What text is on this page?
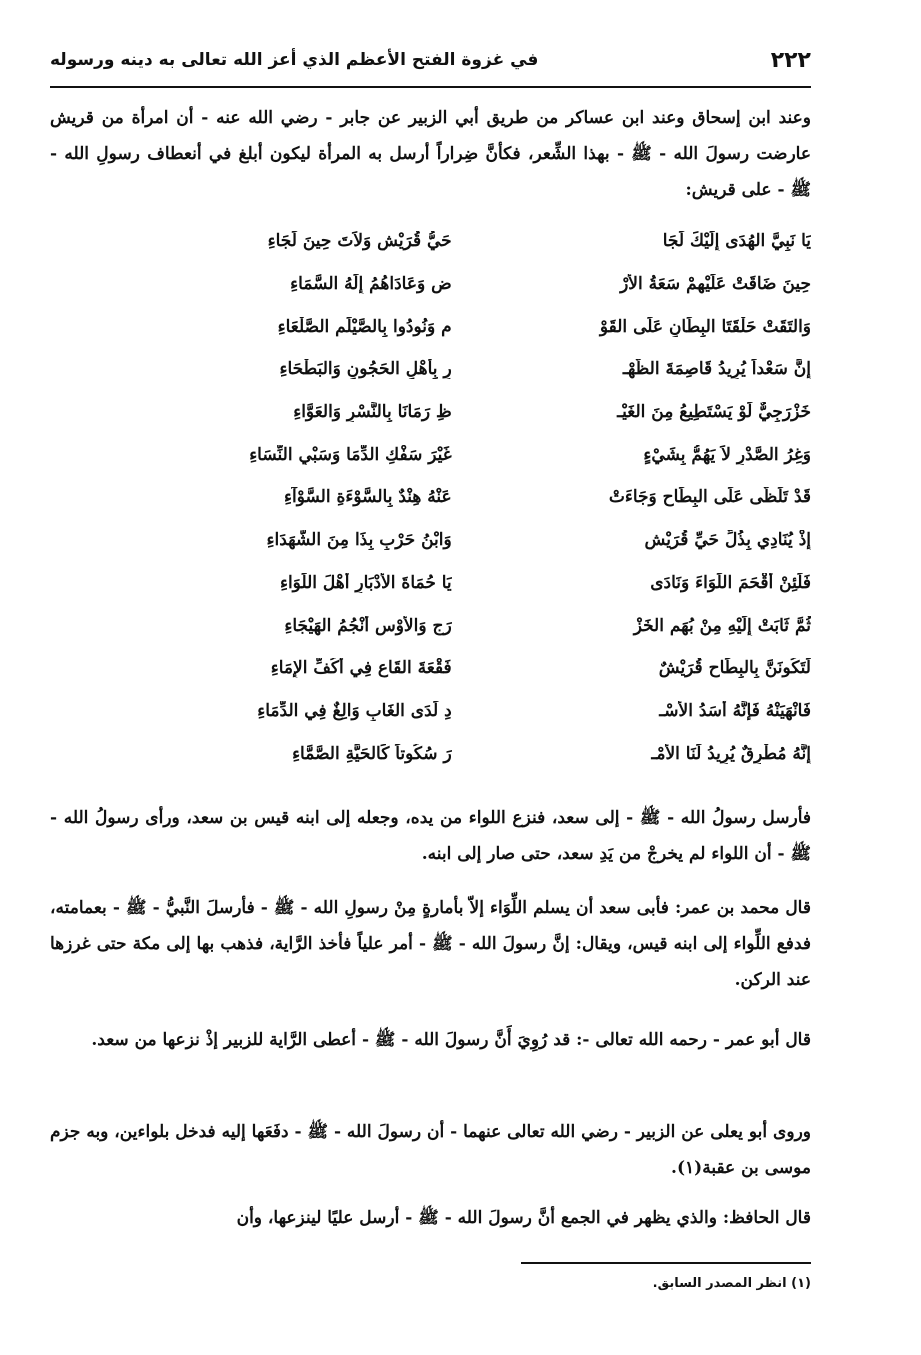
٢٢٢
في غزوة الفتح الأعظم الذي أعز الله تعالى به دينه ورسوله
وعند ابن إسحاق وعند ابن عساكر من طريق أبي الزبير عن جابر - رضي الله عنه - أن امرأة من قريش عارضت رسولَ الله - ﷺ - بهذا الشِّعر، فكأنَّ ضِراراً أرسل به المرأة ليكون أبلغ في أنعطاف رسولِ الله - ﷺ - على قريش:
يَا نَبِيَّ الهُدَى إِلَيْكَ لَجَا
حَيُّ قُرَيْشٍ وَلاَتَ حِينَ لَجَاءِ
حِينَ ضَاقَتْ عَلَيْهِمْ سَعَةُ الأَرْ
ضِ وَعَادَاهُمُ إِلَهُ السَّمَاءِ
وَالتَقَتْ حَلْقَتَا البِطَانِ عَلَى القَوْ
مِ وَنُودُوا بِالصَّيْلَمِ الصَّلْعَاءِ
إِنَّ سَعْداً يُرِيدُ قَاصِمَةَ الظَّهْـ
رِ بِأَهْلِ الحَجُونِ وَالبَطْحَاءِ
خَزْرَجِيٌّ لَوْ يَسْتَطِيعُ مِنَ الغَيْـ
ظِ رَمَانَا بِالنَّسْرِ وَالعَوَّاءِ
وَغِرُ الصَّدْرِ لاَ يَهُمُّ بِشَيْءٍ
غَيْرَ سَفْكِ الدِّمَا وَسَبْيِ النِّسَاءِ
قَدْ تَلَظَّى عَلَى البِطَاحِ وَجَاءَتْ
عَنْهُ هِنْدٌ بِالسَّوْءَةِ السَّوْآءِ
إِذْ يُنَادِي بِذُلِّ حَيِّ قُرَيْشٍ
وَابْنُ حَرْبٍ بِذَا مِنَ الشُّهَدَاءِ
فَلَئِنْ أَقْحَمَ اللِّوَاءَ وَنَادَى
يَا حُمَاةَ الأَدْبَارِ أَهْلَ اللِّوَاءِ
ثُمَّ ثَابَتْ إِلَيْهِ مِنْ بُهَمِ الخَزْ
رَجِ وَالأَوْسِ أَنْجُمُ الهَيْجَاءِ
لَتَكُونَنَّ بِالبِطَاحِ قُرَيْشٌ
فَقْعَةَ القَاعِ فِي أَكُفِّ الإِمَاءِ
فَانْهَيَنْهُ فَإِنَّهُ أَسَدُ الأُسْـ
دِ لَدَى الغَابِ وَالِغٌ فِي الدِّمَاءِ
إِنَّهُ مُطْرِقٌ يُرِيدُ لَنَا الأَمْـ
رَ سُكُوتاً كَالحَيَّةِ الصَّمَّاءِ
فأرسل رسولُ الله - ﷺ - إلى سعد، فنزع اللواء من يده، وجعله إلى ابنه قيس بن سعد، ورأى رسولُ الله - ﷺ - أن اللواء لم يخرجْ من يَدِ سعد، حتى صار إلى ابنه.
قال محمد بن عمر: فأبى سعد أن يسلم اللِّوَاء إلاّ بأمارةٍ مِنْ رسولِ الله - ﷺ - فأرسلَ النَّبيُّ - ﷺ - بعمامته، فدفع اللِّواء إلى ابنه قيس، ويقال: إنَّ رسولَ الله - ﷺ - أمر علياً فأخذ الرَّاية، فذهب بها إلى مكة حتى غرزها عند الركن.
قال أبو عمر - رحمه الله تعالى -: قد رُوِيَ أَنَّ رسولَ الله - ﷺ - أعطى الرَّاية للزبير إذْ نزعها من سعد.
وروى أبو يعلى عن الزبير - رضي الله تعالى عنهما - أن رسولَ الله - ﷺ - دفَعَها إليه فدخل بلواءين، وبه جزم موسى بن عقبة(١).
قال الحافظ: والذي يظهر في الجمع أنَّ رسولَ الله - ﷺ - أرسل عليًا لينزعها، وأن
(١) انظر المصدر السابق.
